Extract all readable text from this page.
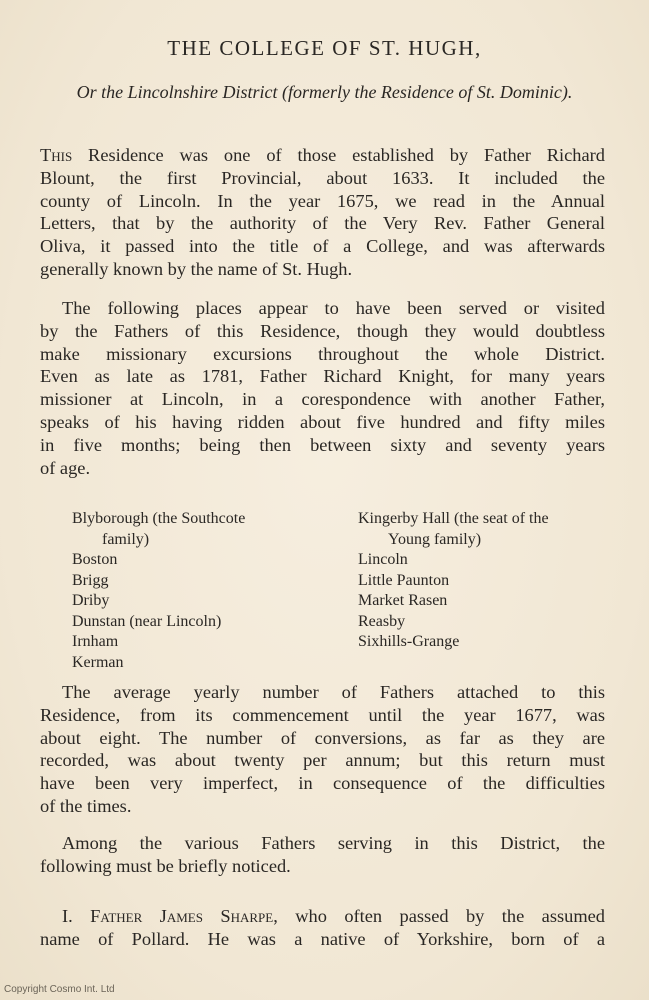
THE COLLEGE OF ST. HUGH,
Or the Lincolnshire District (formerly the Residence of St. Dominic).
This Residence was one of those established by Father Richard
Blount, the first Provincial, about 1633. It included the
county of Lincoln. In the year 1675, we read in the Annual
Letters, that by the authority of the Very Rev. Father General
Oliva, it passed into the title of a College, and was afterwards
generally known by the name of St. Hugh.
The following places appear to have been served or visited
by the Fathers of this Residence, though they would doubtless
make missionary excursions throughout the whole District.
Even as late as 1781, Father Richard Knight, for many years
missioner at Lincoln, in a corespondence with another Father,
speaks of his having ridden about five hundred and fifty miles
in five months; being then between sixty and seventy years
of age.
Blyborough (the Southcote
family)
Boston
Brigg
Driby
Dunstan (near Lincoln)
Irnham
Kerman
Kingerby Hall (the seat of the
Young family)
Lincoln
Little Paunton
Market Rasen
Reasby
Sixhills-Grange
The average yearly number of Fathers attached to this
Residence, from its commencement until the year 1677, was
about eight. The number of conversions, as far as they are
recorded, was about twenty per annum; but this return must
have been very imperfect, in consequence of the difficulties
of the times.
Among the various Fathers serving in this District, the
following must be briefly noticed.
I. Father James Sharpe, who often passed by the assumed
name of Pollard. He was a native of Yorkshire, born of a
Copyright Cosmo Int. Ltd
